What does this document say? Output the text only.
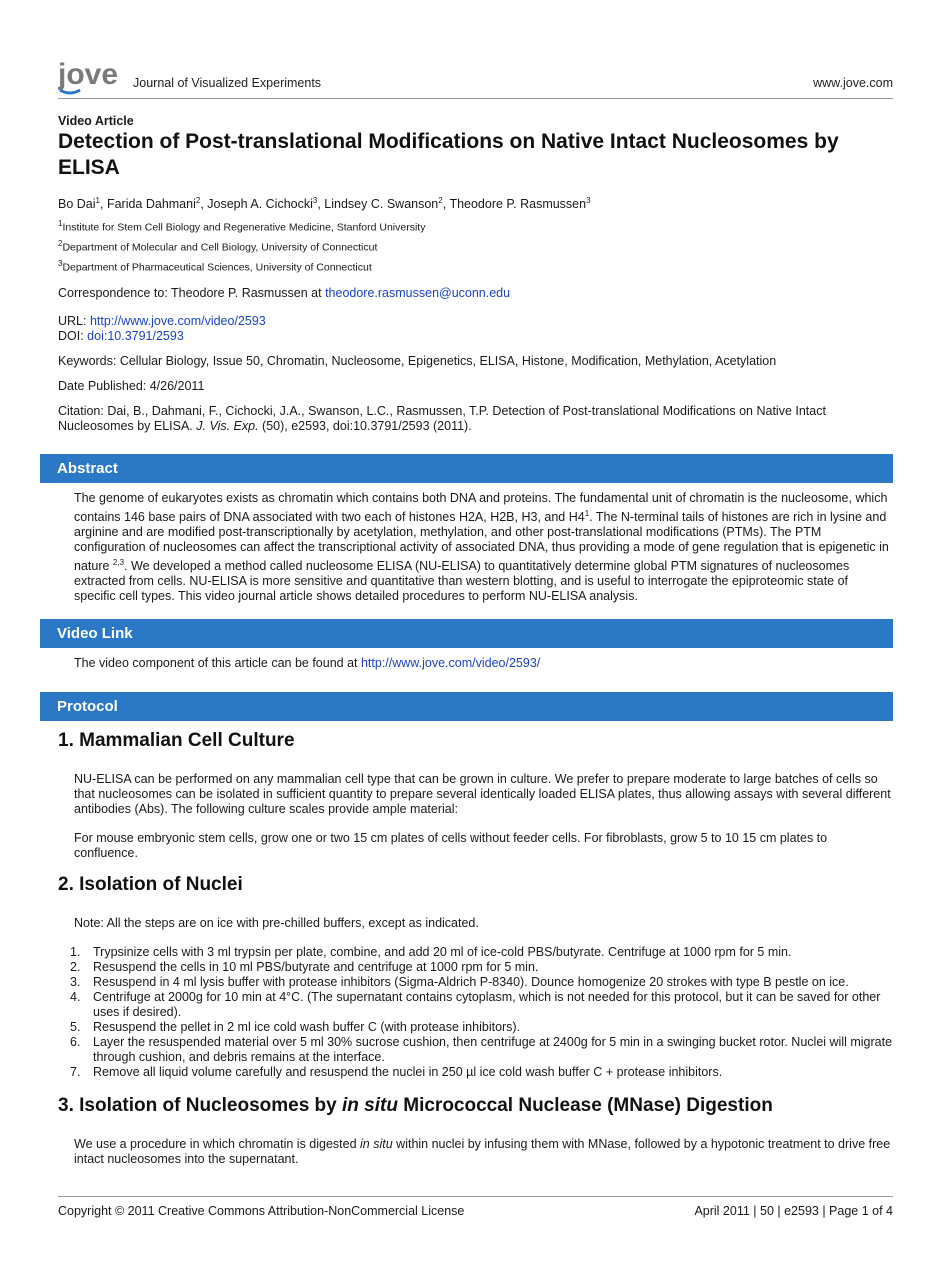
jove Journal of Visualized Experiments	www.jove.com
Video Article
Detection of Post-translational Modifications on Native Intact Nucleosomes by ELISA
Bo Dai$^1$, Farida Dahmani$^2$, Joseph A. Cichocki$^3$, Lindsey C. Swanson$^2$, Theodore P. Rasmussen$^3$
$^1$Institute for Stem Cell Biology and Regenerative Medicine, Stanford University
$^2$Department of Molecular and Cell Biology, University of Connecticut
$^3$Department of Pharmaceutical Sciences, University of Connecticut
Correspondence to: Theodore P. Rasmussen at theodore.rasmussen@uconn.edu
URL: http://www.jove.com/video/2593
DOI: doi:10.3791/2593
Keywords: Cellular Biology, Issue 50, Chromatin, Nucleosome, Epigenetics, ELISA, Histone, Modification, Methylation, Acetylation
Date Published: 4/26/2011
Citation: Dai, B., Dahmani, F., Cichocki, J.A., Swanson, L.C., Rasmussen, T.P. Detection of Post-translational Modifications on Native Intact Nucleosomes by ELISA. J. Vis. Exp. (50), e2593, doi:10.3791/2593 (2011).
Abstract
The genome of eukaryotes exists as chromatin which contains both DNA and proteins. The fundamental unit of chromatin is the nucleosome, which contains 146 base pairs of DNA associated with two each of histones H2A, H2B, H3, and $H4^1$. The N-terminal tails of histones are rich in lysine and arginine and are modified post-transcriptionally by acetylation, methylation, and other post-translational modifications (PTMs). The PTM configuration of nucleosomes can affect the transcriptional activity of associated DNA, thus providing a mode of gene regulation that is epigenetic in nature $^{2,3}$. We developed a method called nucleosome ELISA (NU-ELISA) to quantitatively determine global PTM signatures of nucleosomes extracted from cells. NU-ELISA is more sensitive and quantitative than western blotting, and is useful to interrogate the epiproteomic state of specific cell types. This video journal article shows detailed procedures to perform NU-ELISA analysis.
Video Link
The video component of this article can be found at http://www.jove.com/video/2593/
Protocol
1. Mammalian Cell Culture
NU-ELISA can be performed on any mammalian cell type that can be grown in culture. We prefer to prepare moderate to large batches of cells so that nucleosomes can be isolated in sufficient quantity to prepare several identically loaded ELISA plates, thus allowing assays with several different antibodies (Abs). The following culture scales provide ample material:
For mouse embryonic stem cells, grow one or two 15 cm plates of cells without feeder cells. For fibroblasts, grow 5 to 10 15 cm plates to confluence.
2. Isolation of Nuclei
Note: All the steps are on ice with pre-chilled buffers, except as indicated.
1. Trypsinize cells with 3 ml trypsin per plate, combine, and add 20 ml of ice-cold PBS/butyrate. Centrifuge at 1000 rpm for 5 min.
2. Resuspend the cells in 10 ml PBS/butyrate and centrifuge at 1000 rpm for 5 min.
3. Resuspend in 4 ml lysis buffer with protease inhibitors (Sigma-Aldrich P-8340). Dounce homogenize 20 strokes with type B pestle on ice.
4. Centrifuge at 2000g for 10 min at 4°C. (The supernatant contains cytoplasm, which is not needed for this protocol, but it can be saved for other uses if desired).
5. Resuspend the pellet in 2 ml ice cold wash buffer C (with protease inhibitors).
6. Layer the resuspended material over 5 ml 30% sucrose cushion, then centrifuge at 2400g for 5 min in a swinging bucket rotor. Nuclei will migrate through cushion, and debris remains at the interface.
7. Remove all liquid volume carefully and resuspend the nuclei in 250 µl ice cold wash buffer C + protease inhibitors.
3. Isolation of Nucleosomes by in situ Micrococcal Nuclease (MNase) Digestion
We use a procedure in which chromatin is digested in situ within nuclei by infusing them with MNase, followed by a hypotonic treatment to drive free intact nucleosomes into the supernatant.
Copyright © 2011 Creative Commons Attribution-NonCommercial License	April 2011 | 50 | e2593 | Page 1 of 4
